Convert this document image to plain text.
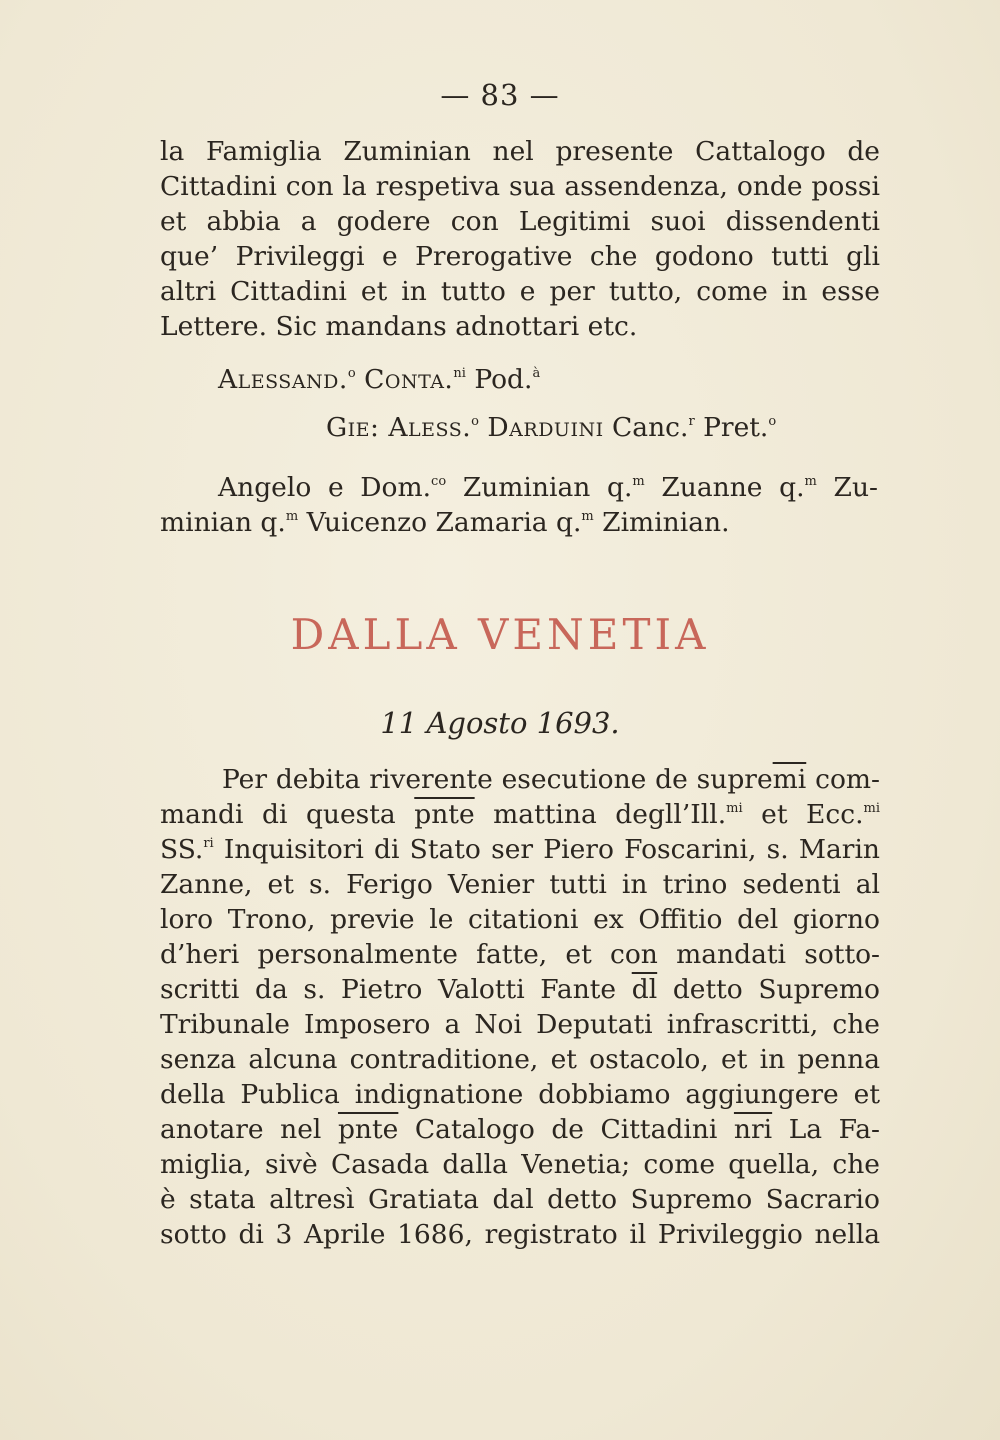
— 83 —
la Famiglia Zuminian nel presente Cattalogo de
Cittadini con la respetiva sua assendenza, onde possi
et abbia a godere con Legitimi suoi dissendenti
que’ Privileggi e Prerogative che godono tutti gli
altri Cittadini et in tutto e per tutto, come in esse
Lettere. Sic mandans adnottari etc.
Alessand.$^o$ Conta.$^{ni}$ Pod.$^à$
Gie: Aless.$^o$ Darduini Canc.$^r$ Pret.$^o$
Angelo e Dom.$^{co}$ Zuminian q.$^m$ Zuanne q.$^m$ Zu-
minian q.$^m$ Vuicenzo Zamaria q.$^m$ Ziminian.
DALLA VENETIA
11 Agosto 1693.
Per debita riverente esecutione de $supre\overline{mi}$ com-
mandi di questa pnte mattina degll’Ill.$^{mi}$ et Ecc.$^{mi}$
SS.$^{ri}$ Inquisitori di Stato ser Piero Foscarini, s. Marin
Zanne, et s. Ferigo Venier tutti in trino sedenti al
loro Trono, previe le citationi ex Offitio del giorno
d’heri personalmente fatte, et con mandati sotto-
scritti da s. Pietro Valotti Fante $\overline{dl}$ detto Supremo
Tribunale Imposero a Noi Deputati infrascritti, che
senza alcuna contraditione, et ostacolo, et in penna
della Publica indignatione dobbiamo aggiungere et
anotare nel pnte Catalogo de Cittadini $\overline{nri}$ La Fa-
miglia, sivè Casada dalla Venetia; come quella, che
è stata altresì Gratiata dal detto Supremo Sacrario
sotto di 3 Aprile 1686, registrato il Privileggio nella
